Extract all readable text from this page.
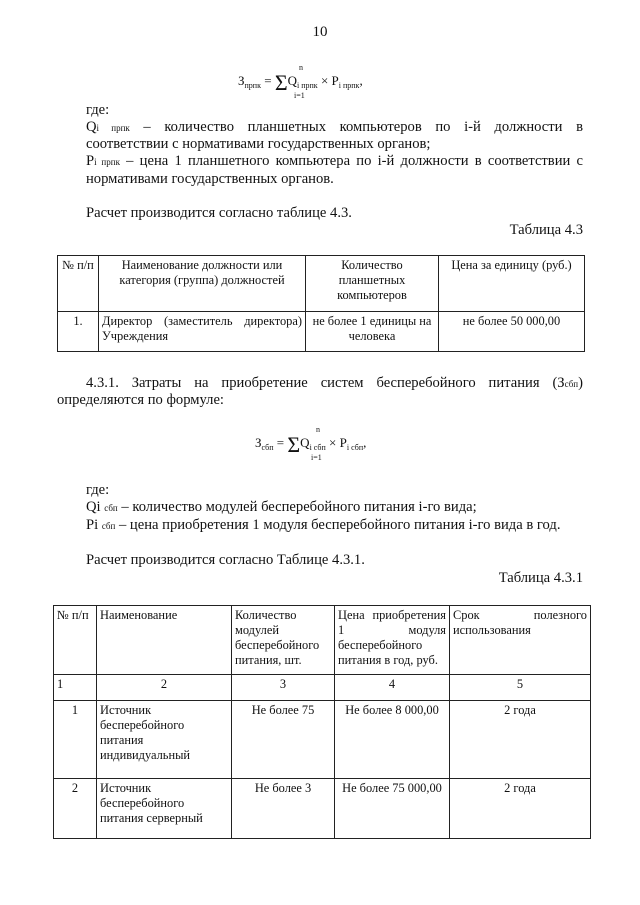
10
n
i=1
$З_{прпк} = \Sigma Q_{i прпк} \times P_{i прпк}$,
где:
Qi прпк – количество планшетных компьютеров по i-й должности в
соответствии с нормативами государственных органов;
Pi прпк – цена 1 планшетного компьютера по i-й должности в соответствии с
нормативами государственных органов.
Расчет производится согласно таблице 4.3.
Таблица 4.3
№ п/п	Наименование должности или категория (группа) должностей	Количество планшетных компьютеров	Цена за единицу (руб.)
1.	Директор (заместитель директора) Учреждения	не более 1 единицы на человека	не более 50 000,00
4.3.1. Затраты на приобретение систем бесперебойного питания (Зсбп)
определяются по формуле:
n
i=1
$З_{сбп} = \Sigma Q_{i сбп} \times P_{i сбп}$,
где:
Qi сбп – количество модулей бесперебойного питания i-го вида;
Pi сбп – цена приобретения 1 модуля бесперебойного питания i-го вида в год.
Расчет производится согласно Таблице 4.3.1.
Таблица 4.3.1
№ п/п	Наименование	Количество модулей бесперебойного питания, шт.	Цена приобретения 1 модуля бесперебойного питания в год, руб.	Срок полезного использования
1	2	3	4	5
1	Источник бесперебойного питания индивидуальный	Не более 75	Не более 8 000,00	2 года
2	Источник бесперебойного питания серверный	Не более 3	Не более 75 000,00	2 года
